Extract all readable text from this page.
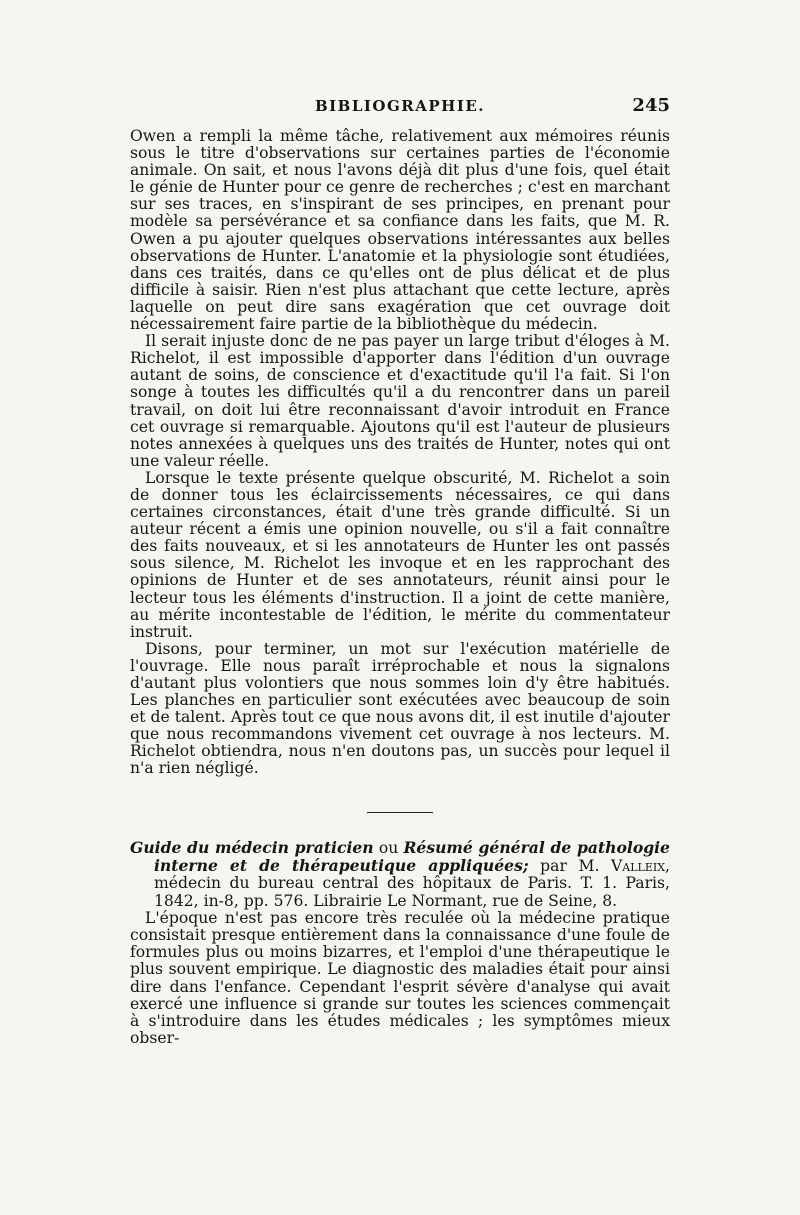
BIBLIOGRAPHIE.	245

Owen a rempli la même tâche, relativement aux mémoires réunis sous le titre d'observations sur certaines parties de l'économie animale. On sait, et nous l'avons déjà dit plus d'une fois, quel était le génie de Hunter pour ce genre de recherches ; c'est en marchant sur ses traces, en s'inspirant de ses principes, en prenant pour modèle sa persévérance et sa confiance dans les faits, que M. R. Owen a pu ajouter quelques observations intéressantes aux belles observations de Hunter. L'anatomie et la physiologie sont étudiées, dans ces traités, dans ce qu'elles ont de plus délicat et de plus difficile à saisir. Rien n'est plus attachant que cette lecture, après laquelle on peut dire sans exagération que cet ouvrage doit nécessairement faire partie de la bibliothèque du médecin.

Il serait injuste donc de ne pas payer un large tribut d'éloges à M. Richelot, il est impossible d'apporter dans l'édition d'un ouvrage autant de soins, de conscience et d'exactitude qu'il l'a fait. Si l'on songe à toutes les difficultés qu'il a du rencontrer dans un pareil travail, on doit lui être reconnaissant d'avoir introduit en France cet ouvrage si remarquable. Ajoutons qu'il est l'auteur de plusieurs notes annexées à quelques uns des traités de Hunter, notes qui ont une valeur réelle.

Lorsque le texte présente quelque obscurité, M. Richelot a soin de donner tous les éclaircissements nécessaires, ce qui dans certaines circonstances, était d'une très grande difficulté. Si un auteur récent a émis une opinion nouvelle, ou s'il a fait connaître des faits nouveaux, et si les annotateurs de Hunter les ont passés sous silence, M. Richelot les invoque et en les rapprochant des opinions de Hunter et de ses annotateurs, réunit ainsi pour le lecteur tous les éléments d'instruction. Il a joint de cette manière, au mérite incontestable de l'édition, le mérite du commentateur instruit.

Disons, pour terminer, un mot sur l'exécution matérielle de l'ouvrage. Elle nous paraît irréprochable et nous la signalons d'autant plus volontiers que nous sommes loin d'y être habitués. Les planches en particulier sont exécutées avec beaucoup de soin et de talent. Après tout ce que nous avons dit, il est inutile d'ajouter que nous recommandons vivement cet ouvrage à nos lecteurs. M. Richelot obtiendra, nous n'en doutons pas, un succès pour lequel il n'a rien négligé.

Guide du médecin praticien ou Résumé général de pathologie interne et de thérapeutique appliquées; par M. Valleix, médecin du bureau central des hôpitaux de Paris. T. 1. Paris, 1842, in-8, pp. 576. Librairie Le Normant, rue de Seine, 8.

L'époque n'est pas encore très reculée où la médecine pratique consistait presque entièrement dans la connaissance d'une foule de formules plus ou moins bizarres, et l'emploi d'une thérapeutique le plus souvent empirique. Le diagnostic des maladies était pour ainsi dire dans l'enfance. Cependant l'esprit sévère d'analyse qui avait exercé une influence si grande sur toutes les sciences commençait à s'introduire dans les études médicales ; les symptômes mieux obser-
